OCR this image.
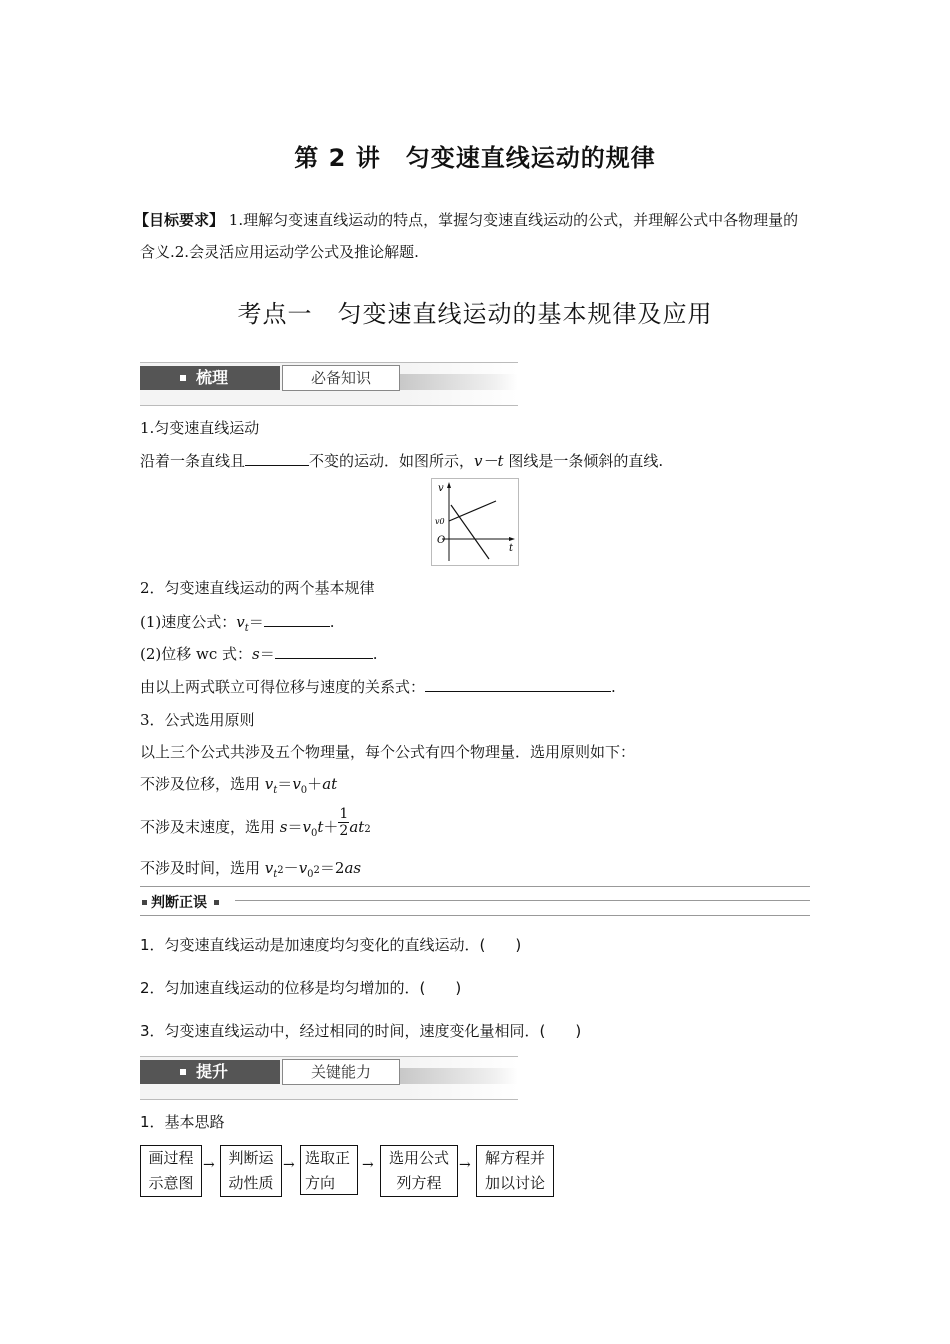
第 2 讲　匀变速直线运动的规律
【目标要求】 1.理解匀变速直线运动的特点，掌握匀变速直线运动的公式，并理解公式中各物理量的含义.2.会灵活应用运动学公式及推论解题.
考点一　匀变速直线运动的基本规律及应用
梳理	必备知识
1.匀变速直线运动
沿着一条直线且	不变的运动．如图所示，v－t 图线是一条倾斜的直线.
v
t
O
v0
2．匀变速直线运动的两个基本规律
(1)速度公式：$v_t=$	.
(2)位移 wc 式：s＝	.
由以上两式联立可得位移与速度的关系式：	.
3．公式选用原则
以上三个公式共涉及五个物理量，每个公式有四个物理量．选用原则如下：
不涉及位移，选用 $v_t=v_0+at$
不涉及末速度，选用 $s=v_0t+ \frac{1}{2} at2$
不涉及时间，选用 $v_t2-v_02=2as$
判断正误
1．匀变速直线运动是加速度均匀变化的直线运动．(　　)
2．匀加速直线运动的位移是均匀增加的．(　　)
3．匀变速直线运动中，经过相同的时间，速度变化量相同．(　　)
提升	关键能力
1．基本思路
画过程
示意图
→ 判断运
动性质
→ 选取正
方向
→	选用公式
列方程
→ 解方程并
加以讨论
